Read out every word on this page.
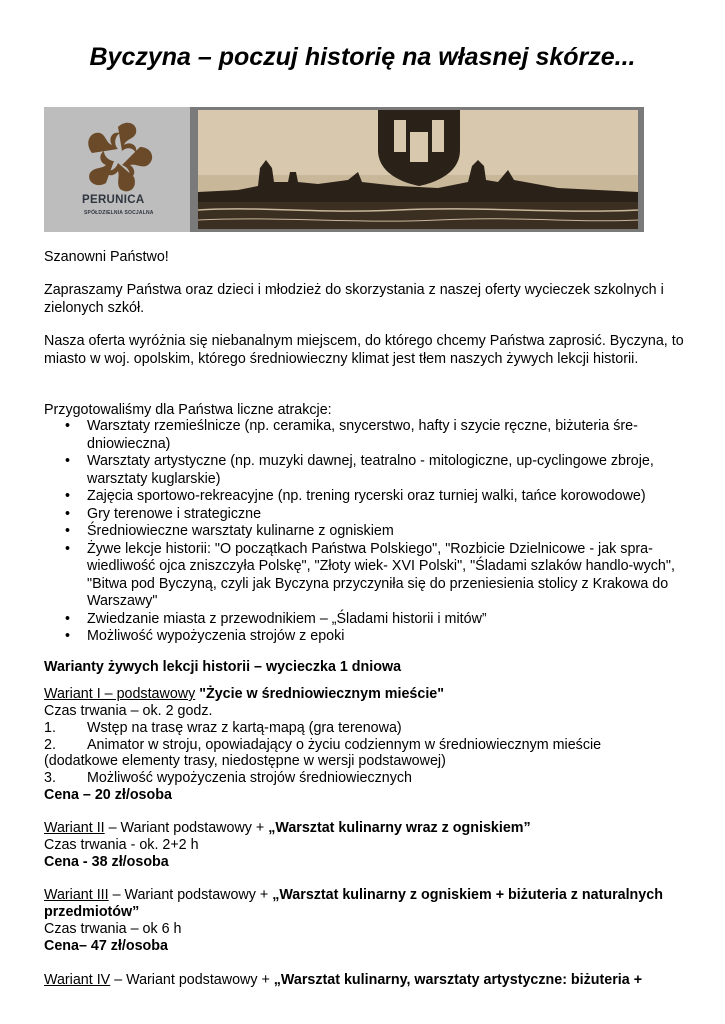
Byczyna – poczuj historię na własnej skórze...
PERUNICA
SPÓŁDZIELNIA SOCJALNA

Szanowni Państwo!

Zapraszamy Państwa oraz dzieci i młodzież do skorzystania z naszej oferty wycieczek szkolnych i zielonych szkół.

Nasza oferta wyróżnia się niebanalnym miejscem, do którego chcemy Państwa zaprosić. Byczyna, to miasto w woj. opolskim, którego średniowieczny klimat jest tłem naszych żywych lekcji historii.

Przygotowaliśmy dla Państwa liczne atrakcje:

• Warsztaty rzemieślnicze (np. ceramika, snycerstwo, hafty i szycie ręczne, biżuteria śre-dniowieczna)
• Warsztaty artystyczne (np. muzyki dawnej, teatralno - mitologiczne, up-cyclingowe zbroje, warsztaty kuglarskie)
• Zajęcia sportowo-rekreacyjne (np. trening rycerski oraz turniej walki, tańce korowodowe)
• Gry terenowe i strategiczne
• Średniowieczne warsztaty kulinarne z ogniskiem
• Żywe lekcje historii: "O początkach Państwa Polskiego", "Rozbicie Dzielnicowe - jak spra-wiedliwość ojca zniszczyła Polskę", "Złoty wiek- XVI Polski", "Śladami szlaków handlo-wych", "Bitwa pod Byczyną, czyli jak Byczyna przyczyniła się do przeniesienia stolicy z Krakowa do Warszawy"
• Zwiedzanie miasta z przewodnikiem – „Śladami historii i mitów”
• Możliwość wypożyczenia strojów z epoki
Warianty żywych lekcji historii – wycieczka 1 dniowa
Wariant I – podstawowy "Życie w średniowiecznym mieście"
Czas trwania – ok. 2 godz.
1. Wstęp na trasę wraz z kartą-mapą (gra terenowa)
2. Animator w stroju, opowiadający o życiu codziennym w średniowiecznym mieście
(dodatkowe elementy trasy, niedostępne w wersji podstawowej)
3. Możliwość wypożyczenia strojów średniowiecznych
Cena – 20 zł/osoba
Wariant II – Wariant podstawowy + „Warsztat kulinarny wraz z ogniskiem”
Czas trwania - ok. 2+2 h
Cena - 38 zł/osoba
Wariant III – Wariant podstawowy + „Warsztat kulinarny z ogniskiem + biżuteria z naturalnych
przedmiotów”
Czas trwania – ok 6 h
Cena– 47 zł/osoba
Wariant IV – Wariant podstawowy + „Warsztat kulinarny, warsztaty artystyczne: biżuteria +
